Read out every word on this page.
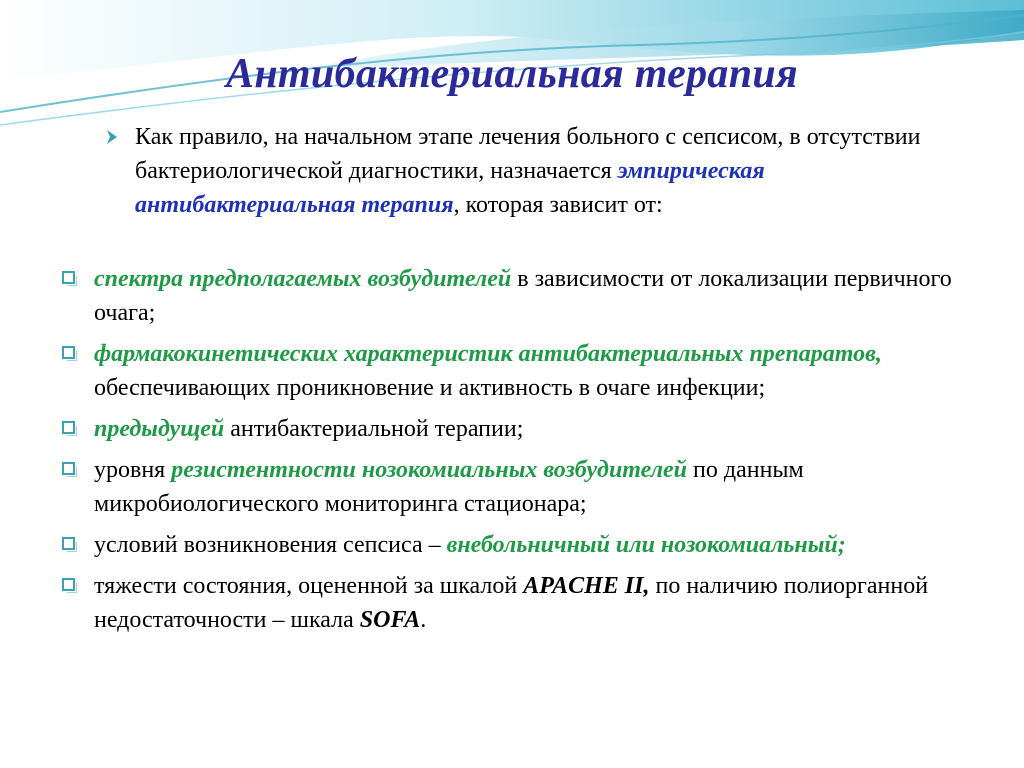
Антибактериальная терапия
Как правило, на начальном этапе лечения больного с сепсисом, в отсутствии бактериологической диагностики, назначается эмпирическая антибактериальная терапия, которая зависит от:
спектра предполагаемых возбудителей в зависимости от локализации первичного очага;
фармакокинетических характеристик антибактериальных препаратов, обеспечивающих проникновение и активность в очаге инфекции;
предыдущей антибактериальной терапии;
уровня резистентности нозокомиальных возбудителей по данным микробиологического мониторинга стационара;
условий возникновения сепсиса – внебольничный или нозокомиальный;
тяжести состояния, оцененной за шкалой APACHE II, по наличию полиорганной недостаточности – шкала SOFA.
